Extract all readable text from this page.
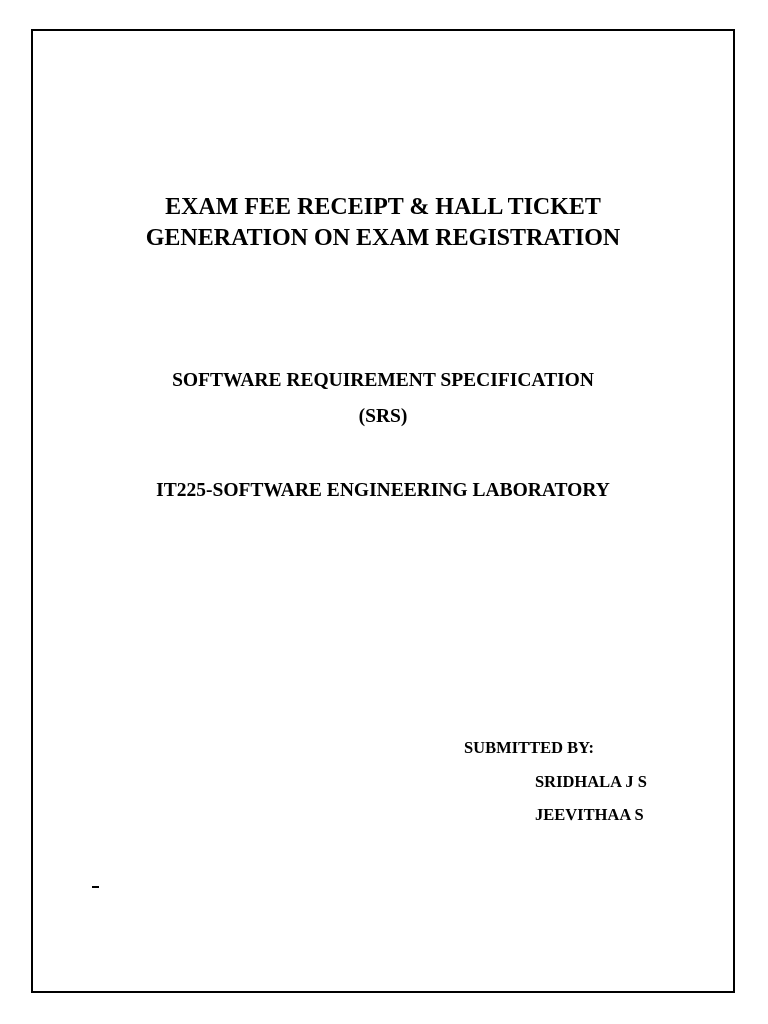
EXAM FEE RECEIPT & HALL TICKET
GENERATION ON EXAM REGISTRATION
SOFTWARE REQUIREMENT SPECIFICATION
(SRS)
IT225-SOFTWARE ENGINEERING LABORATORY
SUBMITTED BY:
SRIDHALA J S
JEEVITHAA S
